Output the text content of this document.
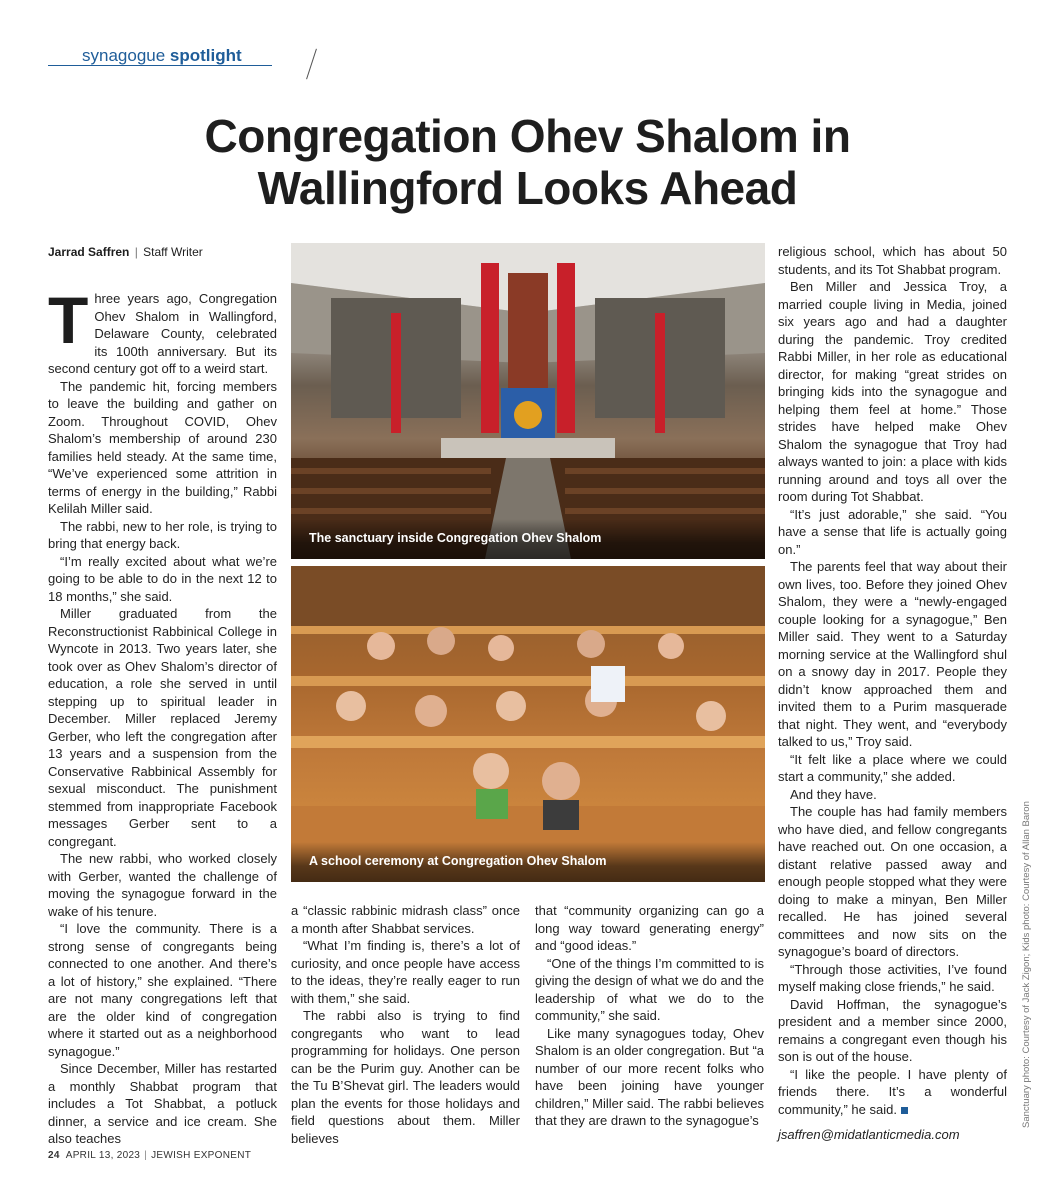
synagogue spotlight
Congregation Ohev Shalom in
Wallingford Looks Ahead
Jarrad Saffren | Staff Writer

Three years ago, Congregation Ohev Shalom in Wallingford, Delaware County, celebrated its 100th anniversary. But its second century got off to a weird start.

The pandemic hit, forcing members to leave the building and gather on Zoom. Throughout COVID, Ohev Shalom’s membership of around 230 families held steady. At the same time, “We’ve experienced some attrition in terms of energy in the building,” Rabbi Kelilah Miller said.

The rabbi, new to her role, is trying to bring that energy back.

“I’m really excited about what we’re going to be able to do in the next 12 to 18 months,” she said.

Miller graduated from the Reconstructionist Rabbinical College in Wyncote in 2013. Two years later, she took over as Ohev Shalom’s director of education, a role she served in until stepping up to spiritual leader in December. Miller replaced Jeremy Gerber, who left the congregation after 13 years and a suspension from the Conservative Rabbinical Assembly for sexual misconduct. The punishment stemmed from inappropriate Facebook messages Gerber sent to a congregant.

The new rabbi, who worked closely with Gerber, wanted the challenge of moving the synagogue forward in the wake of his tenure.

“I love the community. There is a strong sense of congregants being connected to one another. And there’s a lot of history,” she explained. “There are not many congregations left that are the older kind of congregation where it started out as a neighborhood synagogue.”

Since December, Miller has restarted a monthly Shabbat program that includes a Tot Shabbat, a potluck dinner, a service and ice cream. She also teaches

The sanctuary inside Congregation Ohev Shalom
A school ceremony at Congregation Ohev Shalom

a “classic rabbinic midrash class” once a month after Shabbat services.

“What I’m finding is, there’s a lot of curiosity, and once people have access to the ideas, they’re really eager to run with them,” she said.

The rabbi also is trying to find congregants who want to lead programming for holidays. One person can be the Purim guy. Another can be the Tu B’Shevat girl. The leaders would plan the events for those holidays and field questions about them. Miller believes

that “community organizing can go a long way toward generating energy” and “good ideas.”

“One of the things I’m committed to is giving the design of what we do and the leadership of what we do to the community,” she said.

Like many synagogues today, Ohev Shalom is an older congregation. But “a number of our more recent folks who have been joining have younger children,” Miller said. The rabbi believes that they are drawn to the synagogue’s

religious school, which has about 50 students, and its Tot Shabbat program.

Ben Miller and Jessica Troy, a married couple living in Media, joined six years ago and had a daughter during the pandemic. Troy credited Rabbi Miller, in her role as educational director, for making “great strides on bringing kids into the synagogue and helping them feel at home.” Those strides have helped make Ohev Shalom the synagogue that Troy had always wanted to join: a place with kids running around and toys all over the room during Tot Shabbat.

“It’s just adorable,” she said. “You have a sense that life is actually going on.”

The parents feel that way about their own lives, too. Before they joined Ohev Shalom, they were a “newly-engaged couple looking for a synagogue,” Ben Miller said. They went to a Saturday morning service at the Wallingford shul on a snowy day in 2017. People they didn’t know approached them and invited them to a Purim masquerade that night. They went, and “everybody talked to us,” Troy said.

“It felt like a place where we could start a community,” she added.

And they have.

The couple has had family members who have died, and fellow congregants have reached out. On one occasion, a distant relative passed away and enough people stopped what they were doing to make a minyan, Ben Miller recalled. He has joined several committees and now sits on the synagogue’s board of directors.

“Through those activities, I’ve found myself making close friends,” he said.

David Hoffman, the synagogue’s president and a member since 2000, remains a congregant even though his son is out of the house.

“I like the people. I have plenty of friends there. It’s a wonderful community,” he said.

jsaffren@midatlanticmedia.com

Sanctuary photo: Courtesy of Jack Zigon; Kids photo: Courtesy of Allan Baron
24 APRIL 13, 2023 | JEWISH EXPONENT
